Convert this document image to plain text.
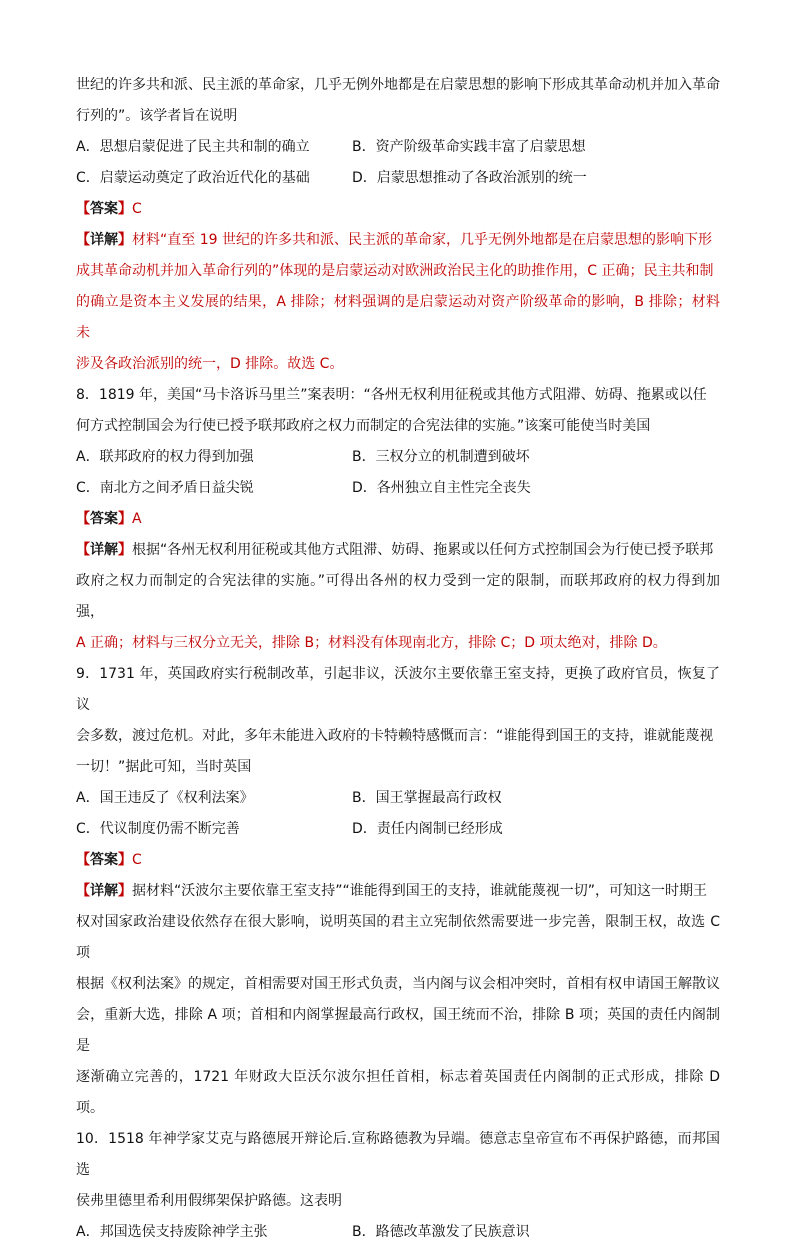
世纪的许多共和派、民主派的革命家，几乎无例外地都是在启蒙思想的影响下形成其革命动机并加入革命

行列的”。该学者旨在说明

A．思想启蒙促进了民主共和制的确立	B．资产阶级革命实践丰富了启蒙思想
C．启蒙运动奠定了政治近代化的基础	D．启蒙思想推动了各政治派别的统一
【答案】C

【详解】材料“直至 19 世纪的许多共和派、民主派的革命家，几乎无例外地都是在启蒙思想的影响下形

成其革命动机并加入革命行列的”体现的是启蒙运动对欧洲政治民主化的助推作用，C 正确；民主共和制

的确立是资本主义发展的结果，A 排除；材料强调的是启蒙运动对资产阶级革命的影响，B 排除；材料未

涉及各政治派别的统一，D 排除。故选 C。

8．1819 年，美国“马卡洛诉马里兰”案表明：“各州无权利用征税或其他方式阻滞、妨碍、拖累或以任

何方式控制国会为行使已授予联邦政府之权力而制定的合宪法律的实施。”该案可能使当时美国

A．联邦政府的权力得到加强	B．三权分立的机制遭到破坏
C．南北方之间矛盾日益尖锐	D．各州独立自主性完全丧失
【答案】A

【详解】根据“各州无权利用征税或其他方式阻滞、妨碍、拖累或以任何方式控制国会为行使已授予联邦

政府之权力而制定的合宪法律的实施。”可得出各州的权力受到一定的限制，而联邦政府的权力得到加强，

A 正确；材料与三权分立无关，排除 B；材料没有体现南北方，排除 C；D 项太绝对，排除 D。

9．1731 年，英国政府实行税制改革，引起非议，沃波尔主要依靠王室支持，更换了政府官员，恢复了议

会多数，渡过危机。对此，多年未能进入政府的卡特赖特感慨而言：“谁能得到国王的支持，谁就能蔑视

一切！”据此可知，当时英国

A．国王违反了《权利法案》	B．国王掌握最高行政权
C．代议制度仍需不断完善	D．责任内阁制已经形成
【答案】C

【详解】据材料“沃波尔主要依靠王室支持”“谁能得到国王的支持，谁就能蔑视一切”，可知这一时期王

权对国家政治建设依然存在很大影响，说明英国的君主立宪制依然需要进一步完善，限制王权，故选 C 项

根据《权利法案》的规定，首相需要对国王形式负责，当内阁与议会相冲突时，首相有权申请国王解散议

会，重新大选，排除 A 项；首相和内阁掌握最高行政权，国王统而不治，排除 B 项；英国的责任内阁制是

逐渐确立完善的，1721 年财政大臣沃尔波尔担任首相，标志着英国责任内阁制的正式形成，排除 D 项。

10．1518 年神学家艾克与路德展开辩论后.宣称路德教为异端。德意志皇帝宣布不再保护路德，而邦国选

侯弗里德里希利用假绑架保护路德。这表明

A．邦国选侯支持废除神学主张	B．路德改革激发了民族意识
